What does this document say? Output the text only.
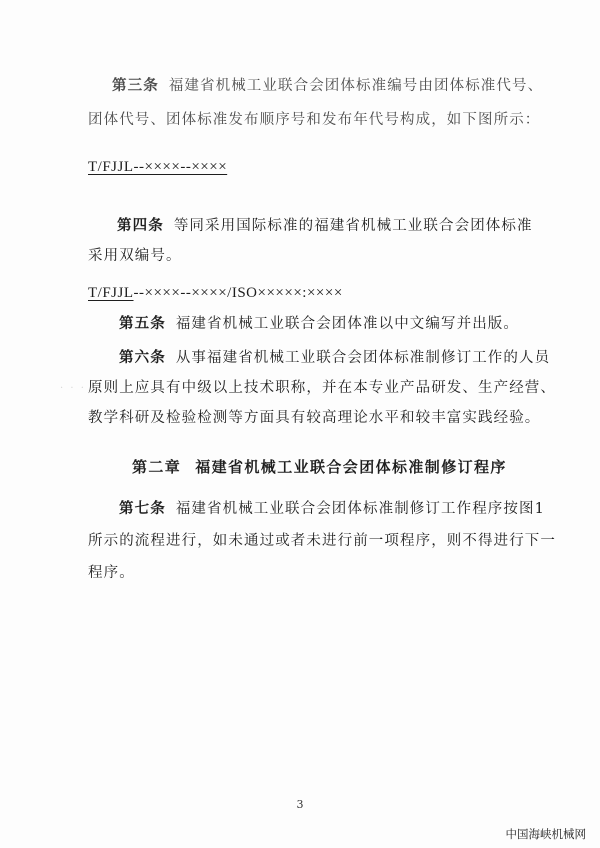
第三条 福建省机械工业联合会团体标准编号由团体标准代号、
团体代号、团体标准发布顺序号和发布年代号构成，如下图所示：
T/FJJL--××××--××××
第四条 等同采用国际标准的福建省机械工业联合会团体标准
采用双编号。
T/FJJL--××××--××××/ISO×××××:××××
第五条 福建省机械工业联合会团体准以中文编写并出版。
· · ·
第六条 从事福建省机械工业联合会团体标准制修订工作的人员
原则上应具有中级以上技术职称，并在本专业产品研发、生产经营、
教学科研及检验检测等方面具有较高理论水平和较丰富实践经验。
第二章 福建省机械工业联合会团体标准制修订程序
第七条 福建省机械工业联合会团体标准制修订工作程序按图1
所示的流程进行，如未通过或者未进行前一项程序，则不得进行下一
程序。
3
中国海峡机械网
